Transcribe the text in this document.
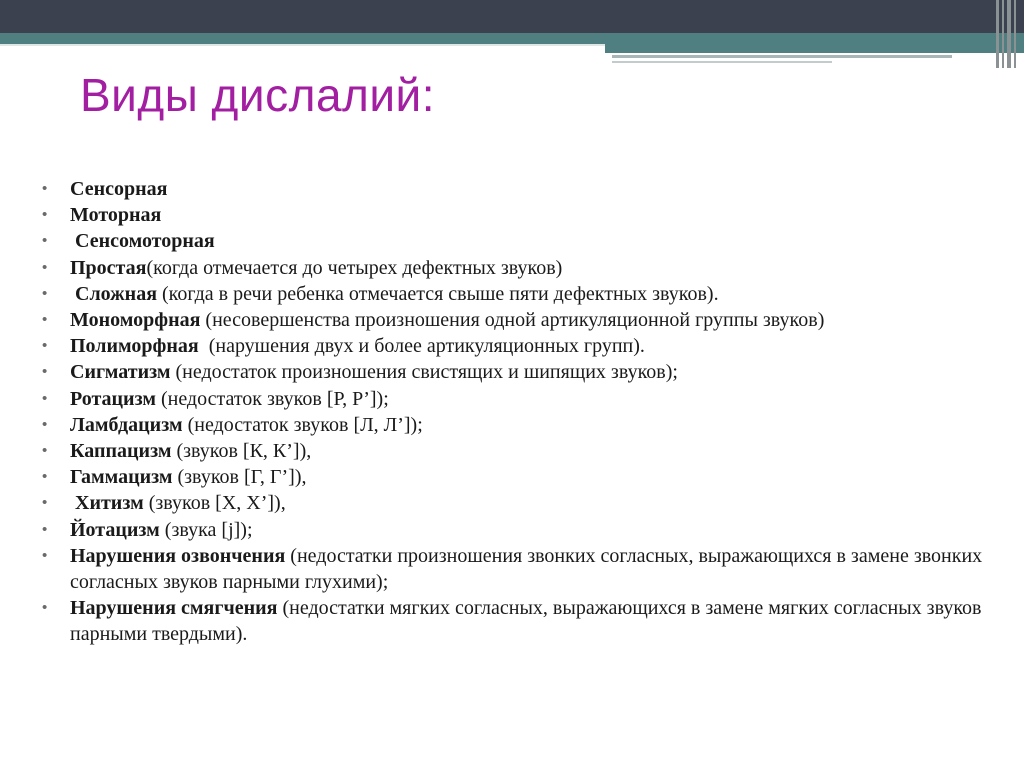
Виды дислалий:
• Сенсорная
• Моторная
• Сенсомоторная
• Простая(когда отмечается до четырех дефектных звуков)
• Сложная (когда в речи ребенка отмечается свыше пяти дефектных звуков).
• Мономорфная (несовершенства произношения одной артикуляционной группы звуков)
• Полиморфная  (нарушения двух и более артикуляционных групп).
• Сигматизм (недостаток произношения свистящих и шипящих звуков);
• Ротацизм (недостаток звуков [Р, Р’]);
• Ламбдацизм (недостаток звуков [Л, Л’]);
• Каппацизм (звуков [К, К’]),
• Гаммацизм (звуков [Г, Г’]),
• Хитизм (звуков [Х, Х’]),
• Йотацизм (звука [j]);
• Нарушения озвончения (недостатки произношения звонких согласных, выражающихся в замене звонких согласных звуков парными глухими);
• Нарушения смягчения (недостатки мягких согласных, выражающихся в замене мягких согласных звуков парными твердыми).
